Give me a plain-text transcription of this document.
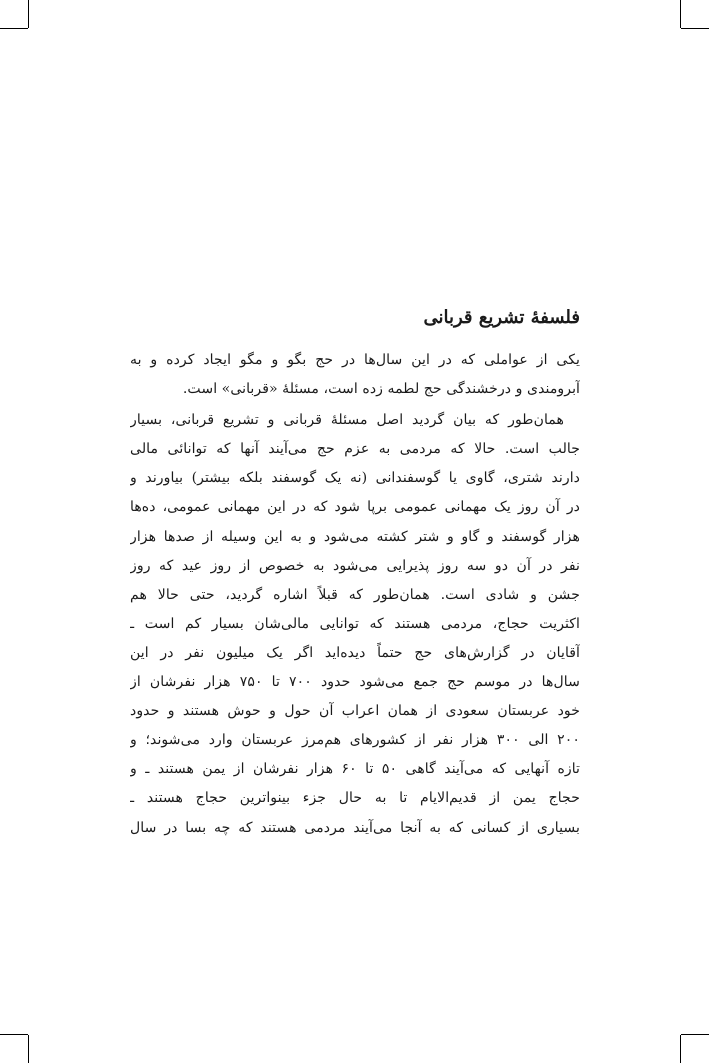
فلسفهٔ تشریع قربانی

یکی از عواملی که در این سال‌ها در حج بگو و مگو ایجاد کرده و به
آبرومندی و درخشندگی حج لطمه زده است، مسئلهٔ «قربانی» است.

همان‌طور که بیان گردید اصل مسئلهٔ قربانی و تشریع قربانی، بسیار
جالب است. حالا که مردمی به عزم حج می‌آیند آنها که توانائی مالی
دارند شتری، گاوی یا گوسفندانی (نه یک گوسفند بلکه بیشتر) بیاورند و
در آن روز یک مهمانی عمومی برپا شود که در این مهمانی عمومی، ده‌ها
هزار گوسفند و گاو و شتر کشته می‌شود و به این وسیله از صدها هزار
نفر در آن دو سه روز پذیرایی می‌شود به خصوص از روز عید که روز
جشن و شادی است. همان‌طور که قبلاً اشاره گردید، حتی حالا هم
اکثریت حجاج، مردمی هستند که توانایی مالی‌شان بسیار کم است ـ
آقایان در گزارش‌های حج حتماً دیده‌اید اگر یک میلیون نفر در این
سال‌ها در موسم حج جمع می‌شود حدود ۷۰۰ تا ۷۵۰ هزار نفرشان از
خود عربستان سعودی از همان اعراب آن حول و حوش هستند و حدود
۲۰۰ الی ۳۰۰ هزار نفر از کشورهای هم‌مرز عربستان وارد می‌شوند؛ و
تازه آنهایی که می‌آیند گاهی ۵۰ تا ۶۰ هزار نفرشان از یمن هستند ـ و
حجاج یمن از قدیم‌الایام تا به حال جزء بینواترین حجاج هستند ـ
بسیاری از کسانی که به آنجا می‌آیند مردمی هستند که چه بسا در سال
